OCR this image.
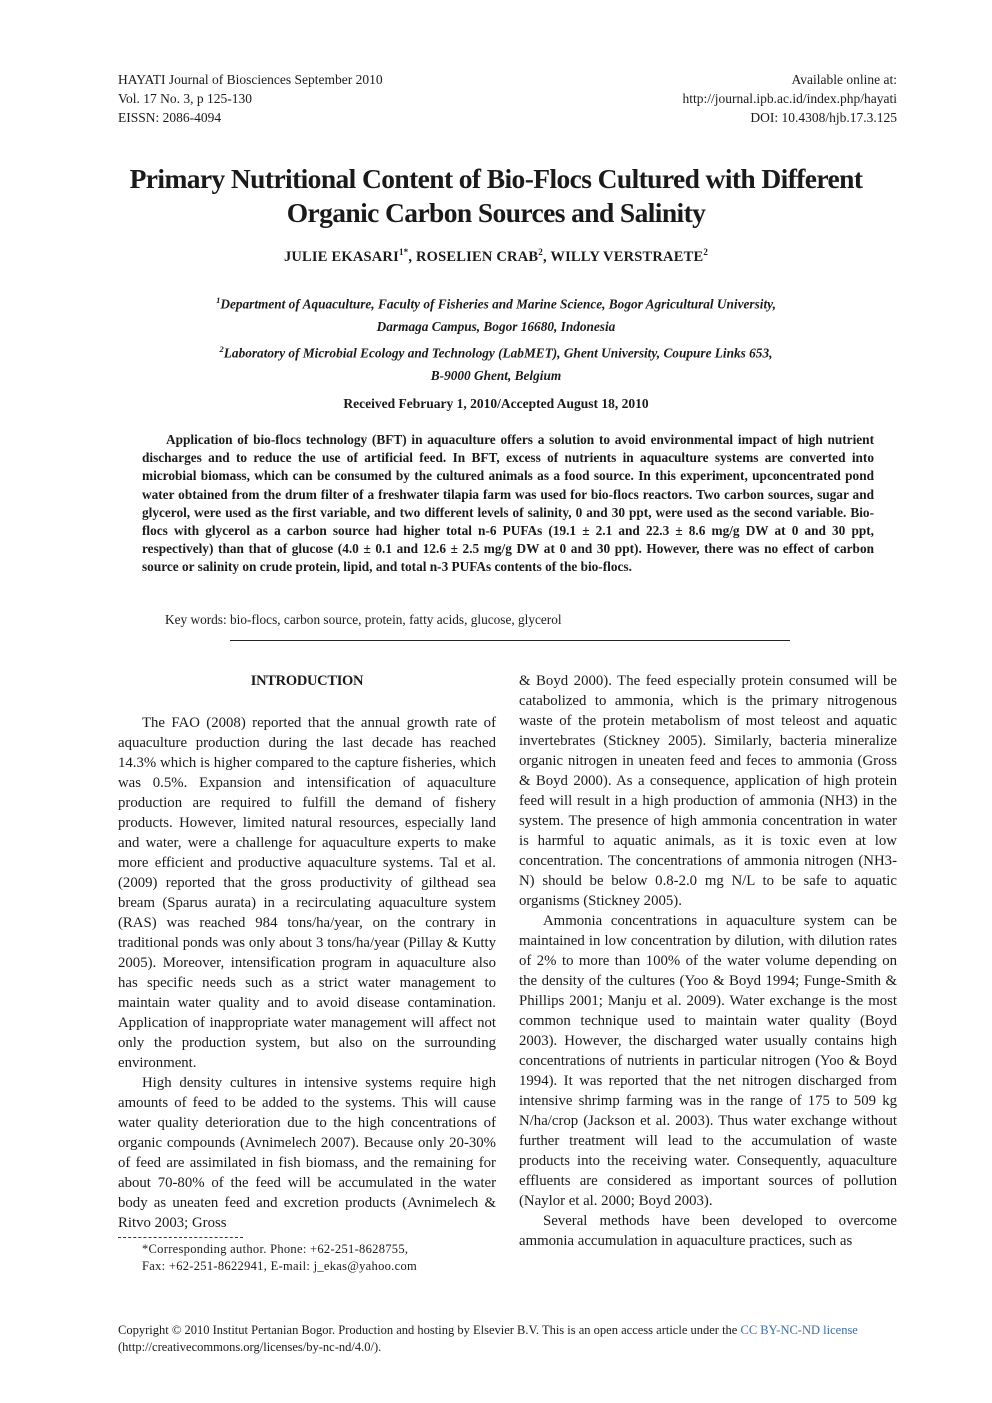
HAYATI Journal of Biosciences September 2010
Vol. 17 No. 3, p 125-130
EISSN: 2086-4094
Available online at:
http://journal.ipb.ac.id/index.php/hayati
DOI: 10.4308/hjb.17.3.125
Primary Nutritional Content of Bio-Flocs Cultured with Different
Organic Carbon Sources and Salinity
JULIE $EKASARI^{1*}$, ROSELIEN CRAB$^2$, WILLY VERSTRAETE$^2$
$^1$Department of Aquaculture, Faculty of Fisheries and Marine Science, Bogor Agricultural University,
Darmaga Campus, Bogor 16680, Indonesia
$^2$Laboratory of Microbial Ecology and Technology (LabMET), Ghent University, Coupure Links 653,
B-9000 Ghent, Belgium
Received February 1, 2010/Accepted August 18, 2010
Application of bio-flocs technology (BFT) in aquaculture offers a solution to avoid environmental impact of high nutrient discharges and to reduce the use of artificial feed. In BFT, excess of nutrients in aquaculture systems are converted into microbial biomass, which can be consumed by the cultured animals as a food source. In this experiment, upconcentrated pond water obtained from the drum filter of a freshwater tilapia farm was used for bio-flocs reactors. Two carbon sources, sugar and glycerol, were used as the first variable, and two different levels of salinity, 0 and 30 ppt, were used as the second variable. Bio-flocs with glycerol as a carbon source had higher total n-6 PUFAs (19.1 ± 2.1 and 22.3 ± 8.6 mg/g DW at 0 and 30 ppt, respectively) than that of glucose (4.0 ± 0.1 and 12.6 ± 2.5 mg/g DW at 0 and 30 ppt). However, there was no effect of carbon source or salinity on crude protein, lipid, and total n-3 PUFAs contents of the bio-flocs.
Key words: bio-flocs, carbon source, protein, fatty acids, glucose, glycerol
INTRODUCTION

The FAO (2008) reported that the annual growth rate of aquaculture production during the last decade has reached 14.3% which is higher compared to the capture fisheries, which was 0.5%. Expansion and intensification of aquaculture production are required to fulfill the demand of fishery products. However, limited natural resources, especially land and water, were a challenge for aquaculture experts to make more efficient and productive aquaculture systems. Tal et al. (2009) reported that the gross productivity of gilthead sea bream (Sparus aurata) in a recirculating aquaculture system (RAS) was reached 984 tons/ha/year, on the contrary in traditional ponds was only about 3 tons/ha/year (Pillay & Kutty 2005). Moreover, intensification program in aquaculture also has specific needs such as a strict water management to maintain water quality and to avoid disease contamination. Application of inappropriate water management will affect not only the production system, but also on the surrounding environment.

High density cultures in intensive systems require high amounts of feed to be added to the systems. This will cause water quality deterioration due to the high concentrations of organic compounds (Avnimelech 2007). Because only 20-30% of feed are assimilated in fish biomass, and the remaining for about 70-80% of the feed will be accumulated in the water body as uneaten feed and excretion products (Avnimelech & Ritvo 2003; Gross

*Corresponding author. Phone: +62-251-8628755,

Fax: +62-251-8622941, E-mail: j_ekas@yahoo.com

& Boyd 2000). The feed especially protein consumed will be catabolized to ammonia, which is the primary nitrogenous waste of the protein metabolism of most teleost and aquatic invertebrates (Stickney 2005). Similarly, bacteria mineralize organic nitrogen in uneaten feed and feces to ammonia (Gross & Boyd 2000). As a consequence, application of high protein feed will result in a high production of ammonia (NH3) in the system. The presence of high ammonia concentration in water is harmful to aquatic animals, as it is toxic even at low concentration. The concentrations of ammonia nitrogen (NH3-N) should be below 0.8-2.0 mg N/L to be safe to aquatic organisms (Stickney 2005).

Ammonia concentrations in aquaculture system can be maintained in low concentration by dilution, with dilution rates of 2% to more than 100% of the water volume depending on the density of the cultures (Yoo & Boyd 1994; Funge-Smith & Phillips 2001; Manju et al. 2009). Water exchange is the most common technique used to maintain water quality (Boyd 2003). However, the discharged water usually contains high concentrations of nutrients in particular nitrogen (Yoo & Boyd 1994). It was reported that the net nitrogen discharged from intensive shrimp farming was in the range of 175 to 509 kg N/ha/crop (Jackson et al. 2003). Thus water exchange without further treatment will lead to the accumulation of waste products into the receiving water. Consequently, aquaculture effluents are considered as important sources of pollution (Naylor et al. 2000; Boyd 2003).

Several methods have been developed to overcome ammonia accumulation in aquaculture practices, such as

Copyright © 2010 Institut Pertanian Bogor. Production and hosting by Elsevier B.V. This is an open access article under the CC BY-NC-ND license
(http://creativecommons.org/licenses/by-nc-nd/4.0/).
